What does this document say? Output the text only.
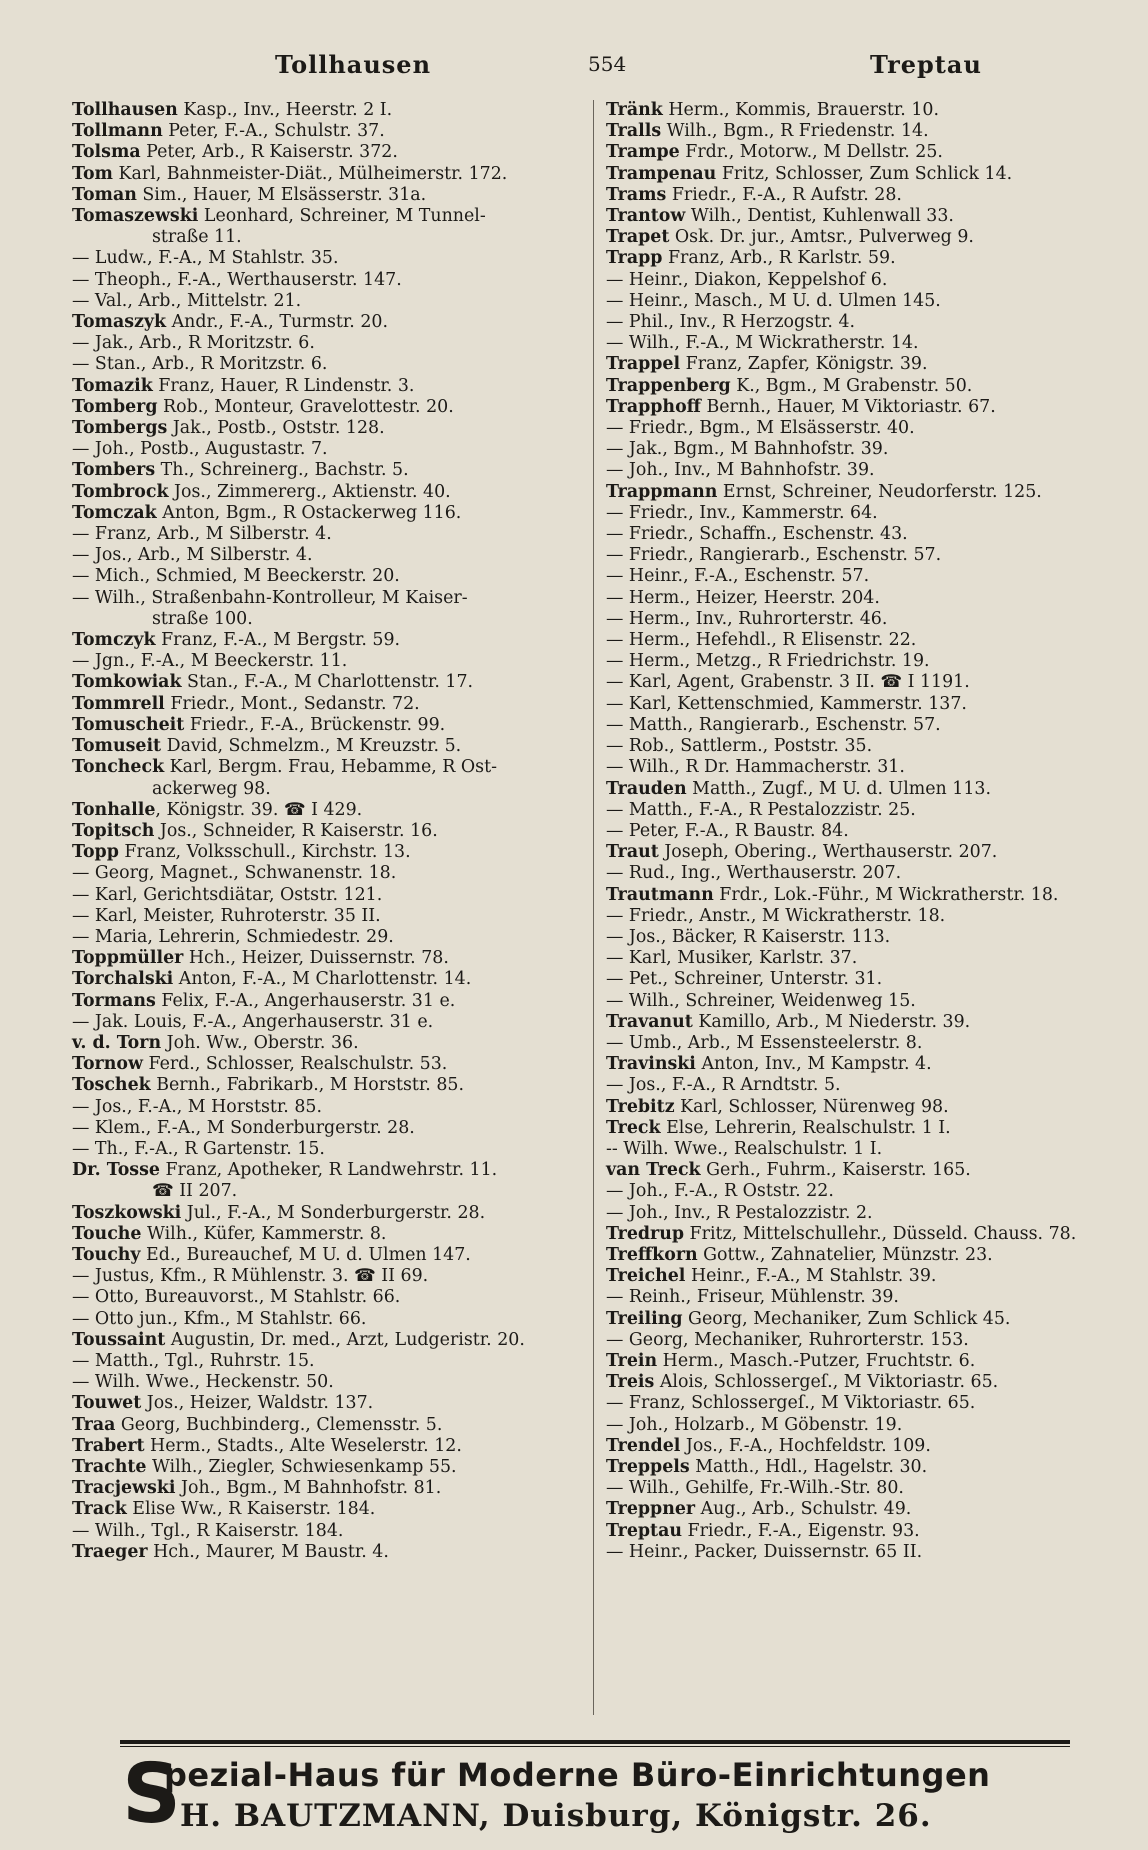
Tollhausen	554	Treptau
Tollhausen Kasp., Inv., Heerstr. 2 I.
Tollmann Peter, F.-A., Schulstr. 37.
Tolsma Peter, Arb., R Kaiserstr. 372.
Tom Karl, Bahnmeister-Diät., Mülheimerstr. 172.
Toman Sim., Hauer, M Elsässerstr. 31a.
Tomaszewski Leonhard, Schreiner, M Tunnel-
straße 11.
— Ludw., F.-A., M Stahlstr. 35.
— Theoph., F.-A., Werthauserstr. 147.
— Val., Arb., Mittelstr. 21.
Tomaszyk Andr., F.-A., Turmstr. 20.
— Jak., Arb., R Moritzstr. 6.
— Stan., Arb., R Moritzstr. 6.
Tomazik Franz, Hauer, R Lindenstr. 3.
Tomberg Rob., Monteur, Gravelottestr. 20.
Tombergs Jak., Postb., Oststr. 128.
— Joh., Postb., Augustastr. 7.
Tombers Th., Schreinerg., Bachstr. 5.
Tombrock Jos., Zimmererg., Aktienstr. 40.
Tomczak Anton, Bgm., R Ostackerweg 116.
— Franz, Arb., M Silberstr. 4.
— Jos., Arb., M Silberstr. 4.
— Mich., Schmied, M Beeckerstr. 20.
— Wilh., Straßenbahn-Kontrolleur, M Kaiser-
straße 100.
Tomczyk Franz, F.-A., M Bergstr. 59.
— Jgn., F.-A., M Beeckerstr. 11.
Tomkowiak Stan., F.-A., M Charlottenstr. 17.
Tommrell Friedr., Mont., Sedanstr. 72.
Tomuscheit Friedr., F.-A., Brückenstr. 99.
Tomuseit David, Schmelzm., M Kreuzstr. 5.
Toncheck Karl, Bergm. Frau, Hebamme, R Ost-
ackerweg 98.
Tonhalle, Königstr. 39. ☎ I 429.
Topitsch Jos., Schneider, R Kaiserstr. 16.
Topp Franz, Volksschull., Kirchstr. 13.
— Georg, Magnet., Schwanenstr. 18.
— Karl, Gerichtsdiätar, Oststr. 121.
— Karl, Meister, Ruhroterstr. 35 II.
— Maria, Lehrerin, Schmiedestr. 29.
Toppmüller Hch., Heizer, Duissernstr. 78.
Torchalski Anton, F.-A., M Charlottenstr. 14.
Tormans Felix, F.-A., Angerhauserstr. 31 e.
— Jak. Louis, F.-A., Angerhauserstr. 31 e.
v. d. Torn Joh. Ww., Oberstr. 36.
Tornow Ferd., Schlosser, Realschulstr. 53.
Toschek Bernh., Fabrikarb., M Horststr. 85.
— Jos., F.-A., M Horststr. 85.
— Klem., F.-A., M Sonderburgerstr. 28.
— Th., F.-A., R Gartenstr. 15.
Dr. Tosse Franz, Apotheker, R Landwehrstr. 11.
☎ II 207.
Toszkowski Jul., F.-A., M Sonderburgerstr. 28.
Touche Wilh., Küfer, Kammerstr. 8.
Touchy Ed., Bureauchef, M U. d. Ulmen 147.
— Justus, Kfm., R Mühlenstr. 3. ☎ II 69.
— Otto, Bureauvorst., M Stahlstr. 66.
— Otto jun., Kfm., M Stahlstr. 66.
Toussaint Augustin, Dr. med., Arzt, Ludgeristr. 20.
— Matth., Tgl., Ruhrstr. 15.
— Wilh. Wwe., Heckenstr. 50.
Touwet Jos., Heizer, Waldstr. 137.
Traa Georg, Buchbinderg., Clemensstr. 5.
Trabert Herm., Stadts., Alte Weselerstr. 12.
Trachte Wilh., Ziegler, Schwiesenkamp 55.
Tracjewski Joh., Bgm., M Bahnhofstr. 81.
Track Elise Ww., R Kaiserstr. 184.
— Wilh., Tgl., R Kaiserstr. 184.
Traeger Hch., Maurer, M Baustr. 4.
Tränk Herm., Kommis, Brauerstr. 10.
Tralls Wilh., Bgm., R Friedenstr. 14.
Trampe Frdr., Motorw., M Dellstr. 25.
Trampenau Fritz, Schlosser, Zum Schlick 14.
Trams Friedr., F.-A., R Aufstr. 28.
Trantow Wilh., Dentist, Kuhlenwall 33.
Trapet Osk. Dr. jur., Amtsr., Pulverweg 9.
Trapp Franz, Arb., R Karlstr. 59.
— Heinr., Diakon, Keppelshof 6.
— Heinr., Masch., M U. d. Ulmen 145.
— Phil., Inv., R Herzogstr. 4.
— Wilh., F.-A., M Wickratherstr. 14.
Trappel Franz, Zapfer, Königstr. 39.
Trappenberg K., Bgm., M Grabenstr. 50.
Trapphoff Bernh., Hauer, M Viktoriastr. 67.
— Friedr., Bgm., M Elsässerstr. 40.
— Jak., Bgm., M Bahnhofstr. 39.
— Joh., Inv., M Bahnhofstr. 39.
Trappmann Ernst, Schreiner, Neudorferstr. 125.
— Friedr., Inv., Kammerstr. 64.
— Friedr., Schaffn., Eschenstr. 43.
— Friedr., Rangierarb., Eschenstr. 57.
— Heinr., F.-A., Eschenstr. 57.
— Herm., Heizer, Heerstr. 204.
— Herm., Inv., Ruhrorterstr. 46.
— Herm., Hefehdl., R Elisenstr. 22.
— Herm., Metzg., R Friedrichstr. 19.
— Karl, Agent, Grabenstr. 3 II. ☎ I 1191.
— Karl, Kettenschmied, Kammerstr. 137.
— Matth., Rangierarb., Eschenstr. 57.
— Rob., Sattlerm., Poststr. 35.
— Wilh., R Dr. Hammacherstr. 31.
Trauden Matth., Zugf., M U. d. Ulmen 113.
— Matth., F.-A., R Pestalozzistr. 25.
— Peter, F.-A., R Baustr. 84.
Traut Joseph, Obering., Werthauserstr. 207.
— Rud., Ing., Werthauserstr. 207.
Trautmann Frdr., Lok.-Führ., M Wickratherstr. 18.
— Friedr., Anstr., M Wickratherstr. 18.
— Jos., Bäcker, R Kaiserstr. 113.
— Karl, Musiker, Karlstr. 37.
— Pet., Schreiner, Unterstr. 31.
— Wilh., Schreiner, Weidenweg 15.
Travanut Kamillo, Arb., M Niederstr. 39.
— Umb., Arb., M Essensteelerstr. 8.
Travinski Anton, Inv., M Kampstr. 4.
— Jos., F.-A., R Arndtstr. 5.
Trebitz Karl, Schlosser, Nürenweg 98.
Treck Else, Lehrerin, Realschulstr. 1 I.
-- Wilh. Wwe., Realschulstr. 1 I.
van Treck Gerh., Fuhrm., Kaiserstr. 165.
— Joh., F.-A., R Oststr. 22.
— Joh., Inv., R Pestalozzistr. 2.
Tredrup Fritz, Mittelschullehr., Düsseld. Chauss. 78.
Treffkorn Gottw., Zahnatelier, Münzstr. 23.
Treichel Heinr., F.-A., M Stahlstr. 39.
— Reinh., Friseur, Mühlenstr. 39.
Treiling Georg, Mechaniker, Zum Schlick 45.
— Georg, Mechaniker, Ruhrorterstr. 153.
Trein Herm., Masch.-Putzer, Fruchtstr. 6.
Treis Alois, Schlossergeſ., M Viktoriastr. 65.
— Franz, Schlossergeſ., M Viktoriastr. 65.
— Joh., Holzarb., M Göbenstr. 19.
Trendel Jos., F.-A., Hochfeldstr. 109.
Treppels Matth., Hdl., Hagelstr. 30.
— Wilh., Gehilfe, Fr.-Wilh.-Str. 80.
Treppner Aug., Arb., Schulstr. 49.
Treptau Friedr., F.-A., Eigenstr. 93.
— Heinr., Packer, Duissernstr. 65 II.
S
pezial-Haus für Moderne Büro-Einrichtungen
H. BAUTZMANN, Duisburg, Königstr. 26.
